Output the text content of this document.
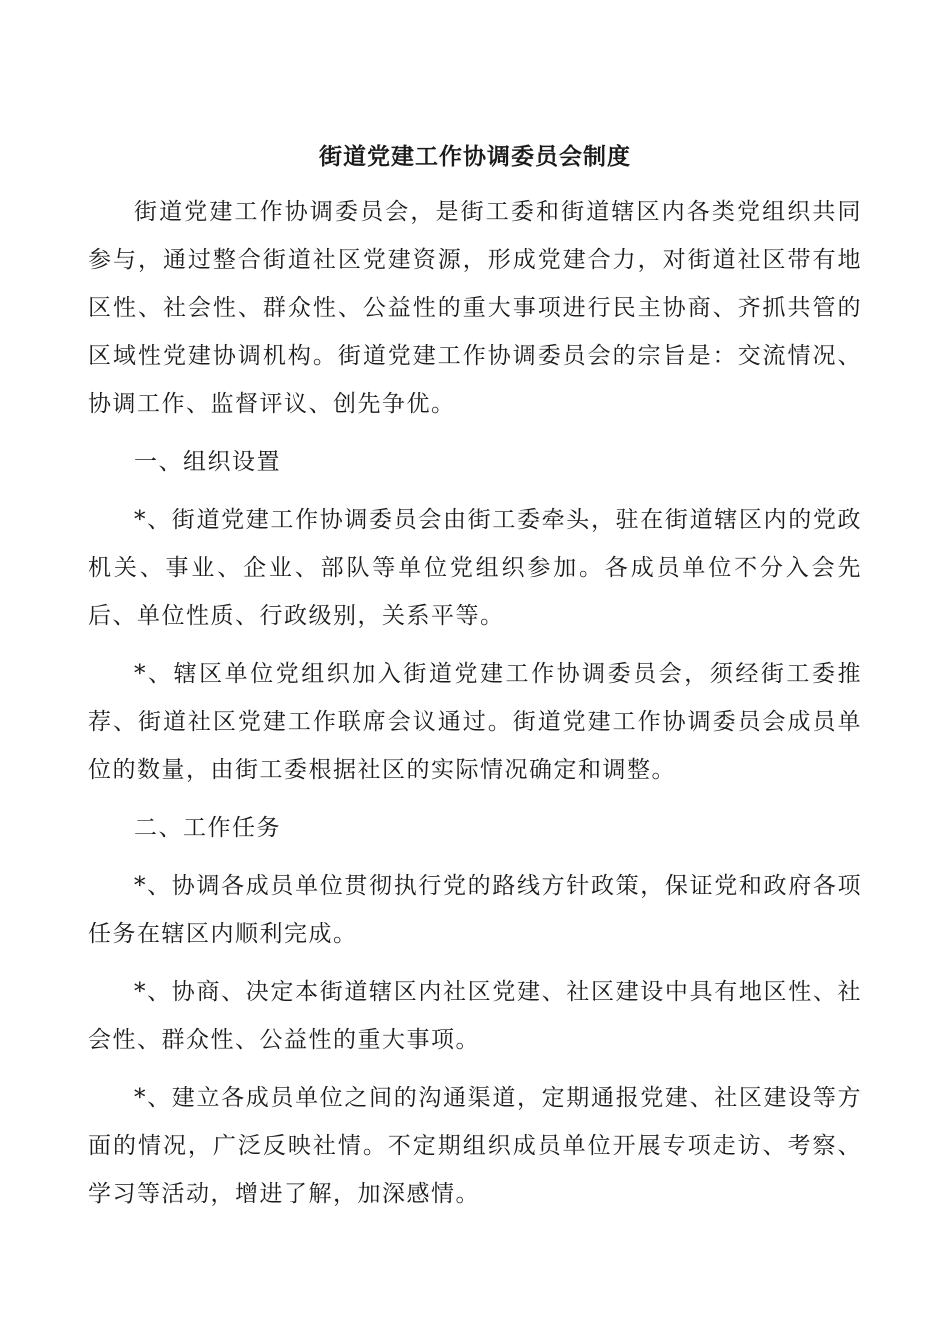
街道党建工作协调委员会制度

街道党建工作协调委员会，是街工委和街道辖区内各类党组织共同参与，通过整合街道社区党建资源，形成党建合力，对街道社区带有地区性、社会性、群众性、公益性的重大事项进行民主协商、齐抓共管的区域性党建协调机构。街道党建工作协调委员会的宗旨是：交流情况、协调工作、监督评议、创先争优。

一、组织设置

*、街道党建工作协调委员会由街工委牵头，驻在街道辖区内的党政机关、事业、企业、部队等单位党组织参加。各成员单位不分入会先后、单位性质、行政级别，关系平等。

*、辖区单位党组织加入街道党建工作协调委员会，须经街工委推荐、街道社区党建工作联席会议通过。街道党建工作协调委员会成员单位的数量，由街工委根据社区的实际情况确定和调整。

二、工作任务

*、协调各成员单位贯彻执行党的路线方针政策，保证党和政府各项任务在辖区内顺利完成。

*、协商、决定本街道辖区内社区党建、社区建设中具有地区性、社会性、群众性、公益性的重大事项。

*、建立各成员单位之间的沟通渠道，定期通报党建、社区建设等方面的情况，广泛反映社情。不定期组织成员单位开展专项走访、考察、学习等活动，增进了解，加深感情。
